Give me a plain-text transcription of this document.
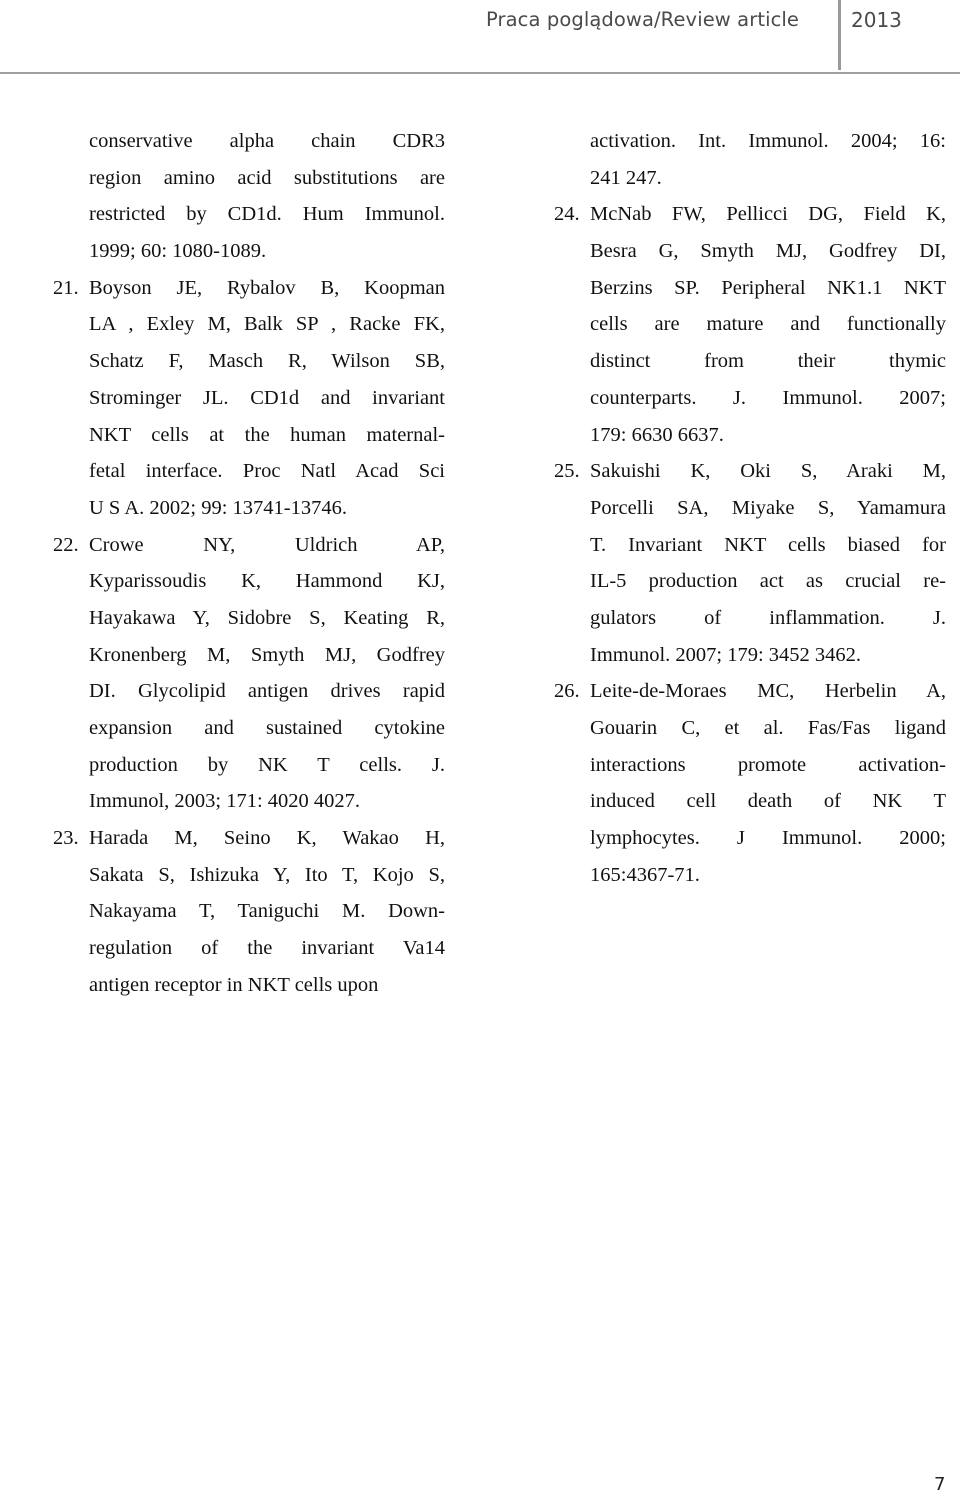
Praca poglądowa/Review article	2013
conservative alpha chain CDR3
region amino acid substitutions are
restricted by CD1d. Hum Immunol.
1999; 60: 1080-1089.
21. Boyson JE, Rybalov B, Koopman
LA , Exley M, Balk SP , Racke FK,
Schatz F, Masch R, Wilson SB,
Strominger JL. CD1d and invariant
NKT cells at the human maternal-
fetal interface. Proc Natl Acad Sci
U S A. 2002; 99: 13741-13746.
22. Crowe NY, Uldrich AP,
Kyparissoudis K, Hammond KJ,
Hayakawa Y, Sidobre S, Keating R,
Kronenberg M, Smyth MJ, Godfrey
DI. Glycolipid antigen drives rapid
expansion and sustained cytokine
production by NK T cells. J.
Immunol, 2003; 171: 4020 4027.
23. Harada M, Seino K, Wakao H,
Sakata S, Ishizuka Y, Ito T, Kojo S,
Nakayama T, Taniguchi M. Down-
regulation of the invariant Va14
antigen receptor in NKT cells upon
activation. Int. Immunol. 2004; 16:
241 247.
24. McNab FW, Pellicci DG, Field K,
Besra G, Smyth MJ, Godfrey DI,
Berzins SP. Peripheral NK1.1 NKT
cells are mature and functionally
distinct from their thymic
counterparts. J. Immunol. 2007;
179: 6630 6637.
25. Sakuishi K, Oki S, Araki M,
Porcelli SA, Miyake S, Yamamura
T. Invariant NKT cells biased for
IL-5 production act as crucial re-
gulators of inflammation. J.
Immunol. 2007; 179: 3452 3462.
26. Leite-de-Moraes MC, Herbelin A,
Gouarin C, et al. Fas/Fas ligand
interactions promote activation-
induced cell death of NK T
lymphocytes. J Immunol. 2000;
165:4367-71.
7
